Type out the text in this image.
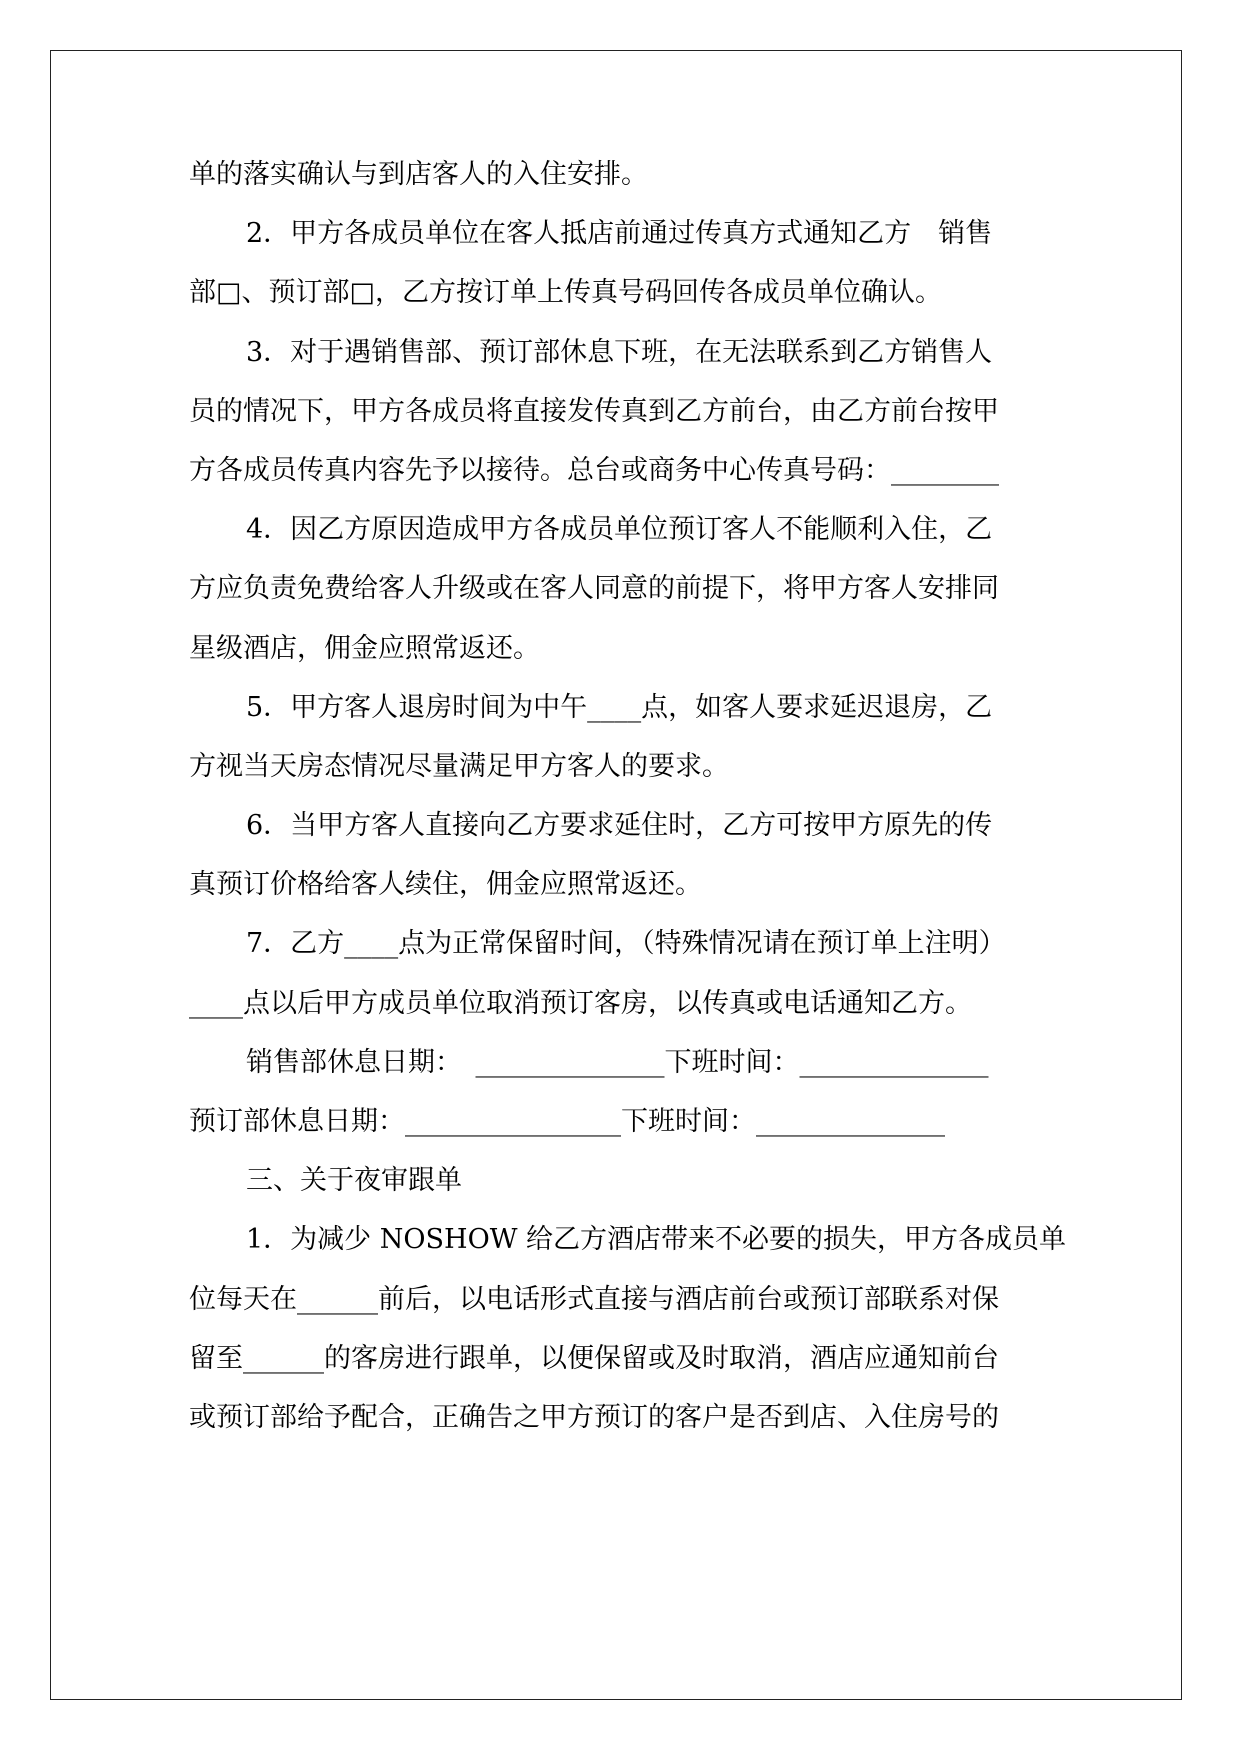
单的落实确认与到店客人的入住安排。
2．甲方各成员单位在客人抵店前通过传真方式通知乙方　销售
部□、预订部□，乙方按订单上传真号码回传各成员单位确认。
3．对于遇销售部、预订部休息下班，在无法联系到乙方销售人
员的情况下，甲方各成员将直接发传真到乙方前台，由乙方前台按甲
方各成员传真内容先予以接待。总台或商务中心传真号码：________
4．因乙方原因造成甲方各成员单位预订客人不能顺利入住，乙
方应负责免费给客人升级或在客人同意的前提下，将甲方客人安排同
星级酒店，佣金应照常返还。
5．甲方客人退房时间为中午____点，如客人要求延迟退房，乙
方视当天房态情况尽量满足甲方客人的要求。
6．当甲方客人直接向乙方要求延住时，乙方可按甲方原先的传
真预订价格给客人续住，佣金应照常返还。
7．乙方____点为正常保留时间，（特殊情况请在预订单上注明）
____点以后甲方成员单位取消预订客房，以传真或电话通知乙方。
销售部休息日期：　______________下班时间：______________
预订部休息日期：________________下班时间：______________
三、关于夜审跟单
1．为减少 NOSHOW 给乙方酒店带来不必要的损失，甲方各成员单
位每天在______前后，以电话形式直接与酒店前台或预订部联系对保
留至______的客房进行跟单，以便保留或及时取消，酒店应通知前台
或预订部给予配合，正确告之甲方预订的客户是否到店、入住房号的
